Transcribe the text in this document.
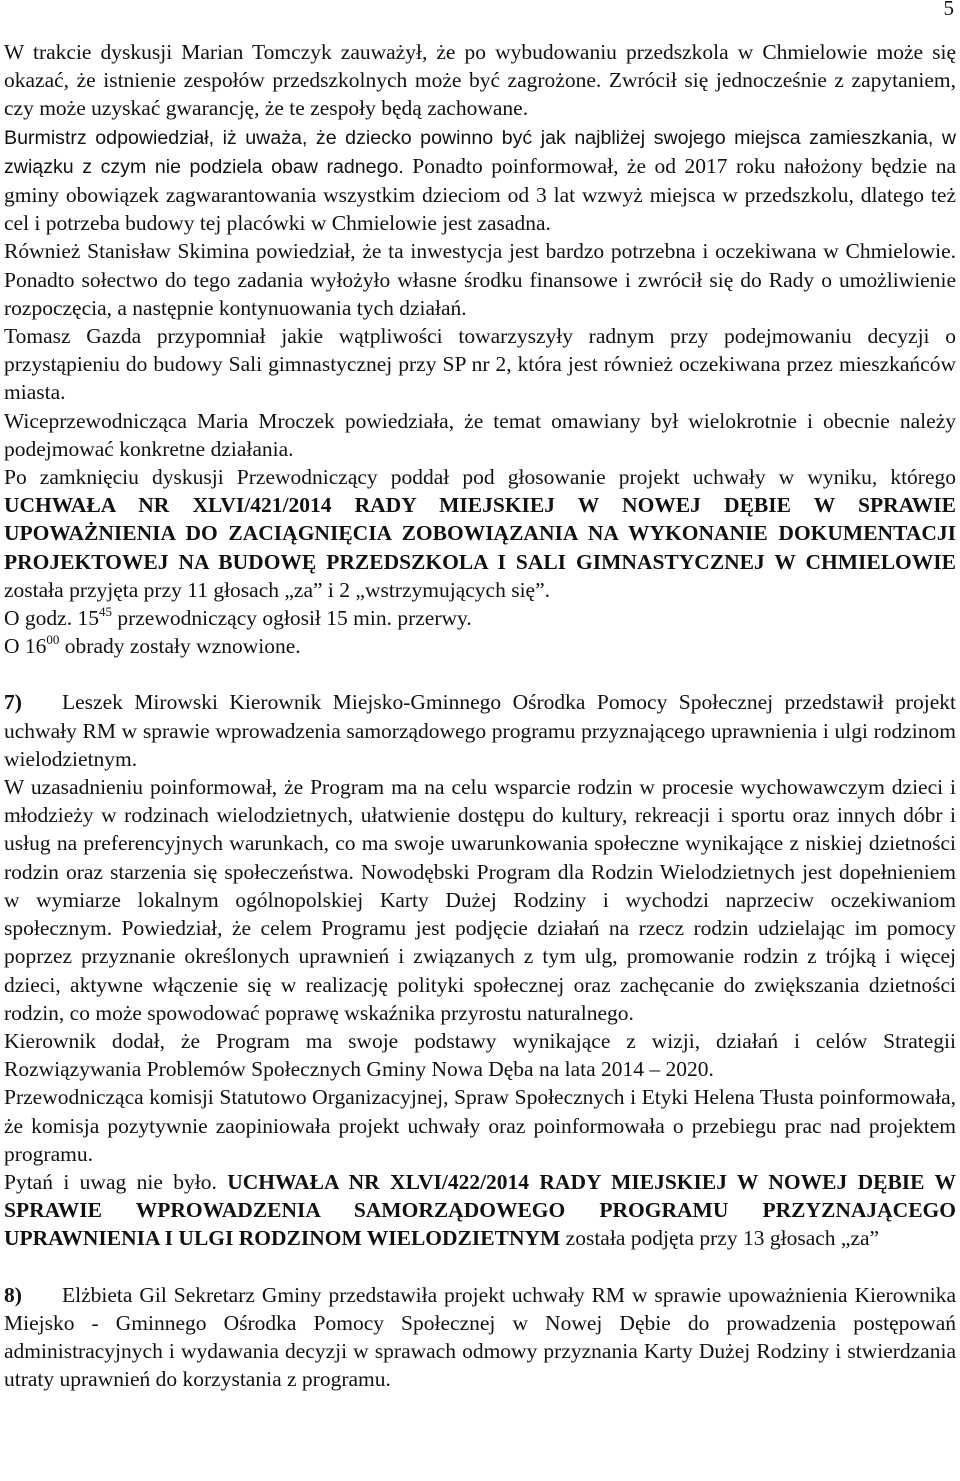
5

W trakcie dyskusji Marian Tomczyk zauważył, że po wybudowaniu przedszkola w Chmielowie może się okazać, że istnienie zespołów przedszkolnych może być zagrożone. Zwrócił się jednocześnie z zapytaniem, czy może uzyskać gwarancję, że te zespoły będą zachowane.

Burmistrz odpowiedział, iż uważa, że dziecko powinno być jak najbliżej swojego miejsca zamieszkania, w związku z czym nie podziela obaw radnego. Ponadto poinformował, że od 2017 roku nałożony będzie na gminy obowiązek zagwarantowania wszystkim dzieciom od 3 lat wzwyż miejsca w przedszkolu, dlatego też cel i potrzeba budowy tej placówki w Chmielowie jest zasadna.

Również Stanisław Skimina powiedział, że ta inwestycja jest bardzo potrzebna i oczekiwana w Chmielowie. Ponadto sołectwo do tego zadania wyłożyło własne środku finansowe i zwrócił się do Rady o umożliwienie rozpoczęcia, a następnie kontynuowania tych działań.

Tomasz Gazda przypomniał jakie wątpliwości towarzyszyły radnym przy podejmowaniu decyzji o przystąpieniu do budowy Sali gimnastycznej przy SP nr 2, która jest również oczekiwana przez mieszkańców miasta.

Wiceprzewodnicząca Maria Mroczek powiedziała, że temat omawiany był wielokrotnie i obecnie należy podejmować konkretne działania.

Po zamknięciu dyskusji Przewodniczący poddał pod głosowanie projekt uchwały w wyniku, którego UCHWAŁA NR XLVI/421/2014 RADY MIEJSKIEJ W NOWEJ DĘBIE W SPRAWIE UPOWAŻNIENIA DO ZACIĄGNIĘCIA ZOBOWIĄZANIA NA WYKONANIE DOKUMENTACJI PROJEKTOWEJ NA BUDOWĘ PRZEDSZKOLA I SALI GIMNASTYCZNEJ W CHMIELOWIE została przyjęta przy 11 głosach „za” i 2 „wstrzymujących się”.

O godz. $15^{45}$ przewodniczący ogłosił 15 min. przerwy.

O $16^{00}$ obrady zostały wznowione.

7) Leszek Mirowski Kierownik Miejsko-Gminnego Ośrodka Pomocy Społecznej przedstawił projekt uchwały RM w sprawie wprowadzenia samorządowego programu przyznającego uprawnienia i ulgi rodzinom wielodzietnym.

W uzasadnieniu poinformował, że Program ma na celu wsparcie rodzin w procesie wychowawczym dzieci i młodzieży w rodzinach wielodzietnych, ułatwienie dostępu do kultury, rekreacji i sportu oraz innych dóbr i usług na preferencyjnych warunkach, co ma swoje uwarunkowania społeczne wynikające z niskiej dzietności rodzin oraz starzenia się społeczeństwa. Nowodębski Program dla Rodzin Wielodzietnych jest dopełnieniem w wymiarze lokalnym ogólnopolskiej Karty Dużej Rodziny i wychodzi naprzeciw oczekiwaniom społecznym. Powiedział, że celem Programu jest podjęcie działań na rzecz rodzin udzielając im pomocy poprzez przyznanie określonych uprawnień i związanych z tym ulg, promowanie rodzin z trójką i więcej dzieci, aktywne włączenie się w realizację polityki społecznej oraz zachęcanie do zwiększania dzietności rodzin, co może spowodować poprawę wskaźnika przyrostu naturalnego.

Kierownik dodał, że Program ma swoje podstawy wynikające z wizji, działań i celów Strategii Rozwiązywania Problemów Społecznych Gminy Nowa Dęba na lata 2014 – 2020.

Przewodnicząca komisji Statutowo Organizacyjnej, Spraw Społecznych i Etyki Helena Tłusta poinformowała, że komisja pozytywnie zaopiniowała projekt uchwały oraz poinformowała o przebiegu prac nad projektem programu.

Pytań i uwag nie było. UCHWAŁA NR XLVI/422/2014 RADY MIEJSKIEJ W NOWEJ DĘBIE W SPRAWIE WPROWADZENIA SAMORZĄDOWEGO PROGRAMU PRZYZNAJĄCEGO UPRAWNIENIA I ULGI RODZINOM WIELODZIETNYM została podjęta przy 13 głosach „za”

8) Elżbieta Gil Sekretarz Gminy przedstawiła projekt uchwały RM w sprawie upoważnienia Kierownika Miejsko - Gminnego Ośrodka Pomocy Społecznej w Nowej Dębie do prowadzenia postępowań administracyjnych i wydawania decyzji w sprawach odmowy przyznania Karty Dużej Rodziny i stwierdzania utraty uprawnień do korzystania z programu.
